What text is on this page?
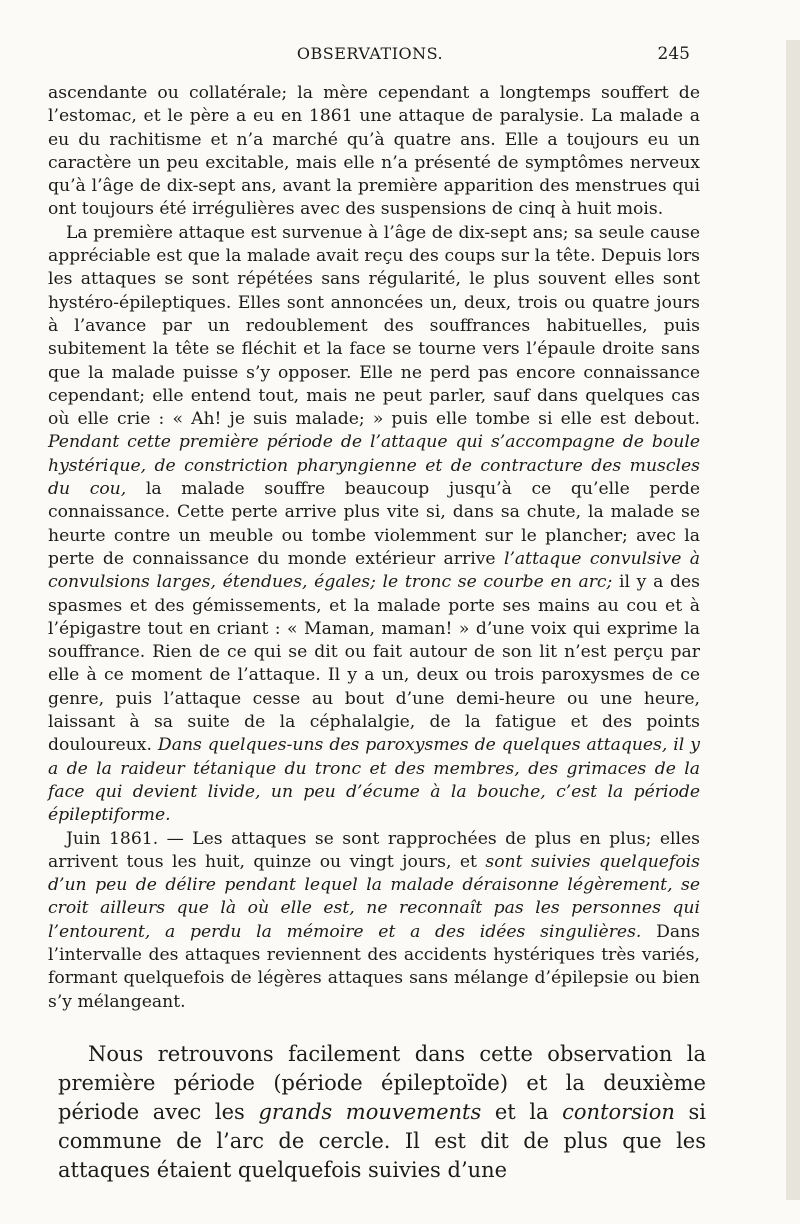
OBSERVATIONS.	245

ascendante ou collatérale; la mère cependant a longtemps souffert de l’estomac, et le père a eu en 1861 une attaque de paralysie. La malade a eu du rachitisme et n’a marché qu’à quatre ans. Elle a toujours eu un caractère un peu excitable, mais elle n’a présenté de symptômes nerveux qu’à l’âge de dix-sept ans, avant la première apparition des menstrues qui ont toujours été irrégulières avec des suspensions de cinq à huit mois.

La première attaque est survenue à l’âge de dix-sept ans; sa seule cause appréciable est que la malade avait reçu des coups sur la tête. Depuis lors les attaques se sont répétées sans régularité, le plus souvent elles sont hystéro-épileptiques. Elles sont annoncées un, deux, trois ou quatre jours à l’avance par un redoublement des souffrances habituelles, puis subitement la tête se fléchit et la face se tourne vers l’épaule droite sans que la malade puisse s’y opposer. Elle ne perd pas encore connaissance cependant; elle entend tout, mais ne peut parler, sauf dans quelques cas où elle crie : « Ah! je suis malade; » puis elle tombe si elle est debout. Pendant cette première période de l’attaque qui s’accompagne de boule hystérique, de constriction pharyngienne et de contracture des muscles du cou, la malade souffre beaucoup jusqu’à ce qu’elle perde connaissance. Cette perte arrive plus vite si, dans sa chute, la malade se heurte contre un meuble ou tombe violemment sur le plancher; avec la perte de connaissance du monde extérieur arrive l’attaque convulsive à convulsions larges, étendues, égales; le tronc se courbe en arc; il y a des spasmes et des gémissements, et la malade porte ses mains au cou et à l’épigastre tout en criant : « Maman, maman! » d’une voix qui exprime la souffrance. Rien de ce qui se dit ou fait autour de son lit n’est perçu par elle à ce moment de l’attaque. Il y a un, deux ou trois paroxysmes de ce genre, puis l’attaque cesse au bout d’une demi-heure ou une heure, laissant à sa suite de la céphalalgie, de la fatigue et des points douloureux. Dans quelques-uns des paroxysmes de quelques attaques, il y a de la raideur tétanique du tronc et des membres, des grimaces de la face qui devient livide, un peu d’écume à la bouche, c’est la période épileptiforme.

Juin 1861. — Les attaques se sont rapprochées de plus en plus; elles arrivent tous les huit, quinze ou vingt jours, et sont suivies quelquefois d’un peu de délire pendant lequel la malade déraisonne légèrement, se croit ailleurs que là où elle est, ne reconnaît pas les personnes qui l’entourent, a perdu la mémoire et a des idées singulières. Dans l’intervalle des attaques reviennent des accidents hystériques très variés, formant quelquefois de légères attaques sans mélange d’épilepsie ou bien s’y mélangeant.

Nous retrouvons facilement dans cette observation la première période (période épileptoïde) et la deuxième période avec les grands mouvements et la contorsion si commune de l’arc de cercle. Il est dit de plus que les attaques étaient quelquefois suivies d’une
